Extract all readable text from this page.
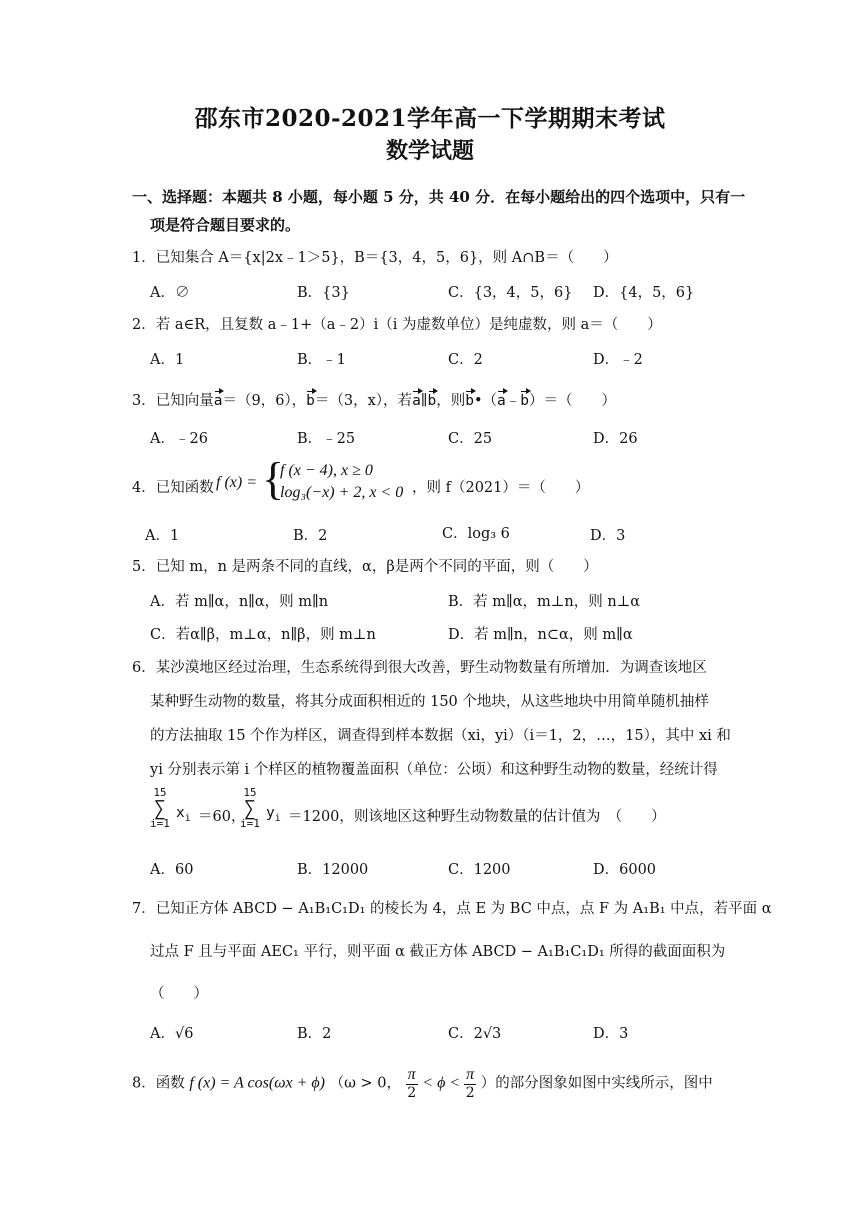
邵东市2020-2021学年高一下学期期末考试
数学试题
一、选择题：本题共 8 小题，每小题 5 分，共 40 分．在每小题给出的四个选项中，只有一
项是符合题目要求的。
1．已知集合 A＝{x|2x﹣1＞5}，B＝{3，4，5，6}，则 A∩B＝（　　）
A．∅	B．{3}	C．{3，4，5，6} D．{4，5，6}
2．若 a∈R，且复数 a﹣1+（a﹣2）i（i 为虚数单位）是纯虚数，则 a＝（　　）
A．1	B．﹣1	C．2	D．﹣2
3．已知向量a＝（9，6），b＝（3，x），若a∥b，则b•（a﹣b）＝（　　）
A．﹣26	B．﹣25	C．25	D．26
4．已知函数 f (x) = {
f (x − 4), x ≥ 0
log₃(−x) + 2, x < 0 ，则 f（2021）＝（　　）
A．1	B．2	C．log₃ 6	D．3
5．已知 m，n 是两条不同的直线，α，β是两个不同的平面，则（　　）
A．若 m∥α，n∥α，则 m∥n	B．若 m∥α，m⊥n，则 n⊥α
C．若α∥β，m⊥α，n∥β，则 m⊥n	D．若 m∥n，n⊂α，则 m∥α
6．某沙漠地区经过治理，生态系统得到很大改善，野生动物数量有所增加．为调查该地区
某种野生动物的数量，将其分成面积相近的 150 个地块，从这些地块中用简单随机抽样
的方法抽取 15 个作为样区，调查得到样本数据（xi，yi）（i＝1，2，…，15），其中 xi 和
yi 分别表示第 i 个样区的植物覆盖面积（单位：公顷）和这种野生动物的数量，经统计得
15
∑
i=1
$x_i =60$，
15
∑
i=1
$y_i =1200$，则该地区这种野生动物数量的估计值为　（　　）
A．60	B．12000	C．1200	D．6000
7．已知正方体 ABCD − A₁B₁C₁D₁ 的棱长为 4，点 E 为 BC 中点，点 F 为 A₁B₁ 中点，若平面 α
过点 F 且与平面 AEC₁ 平行，则平面 α 截正方体 ABCD − A₁B₁C₁D₁ 所得的截面面积为
（　　）
A．√6	B．2	C．2√3	D．3
8．函数 f (x) = A cos(ωx + ϕ) （ω > 0， $\frac{\pi}{2} < \phi < \frac{\pi}{2}$ ）的部分图象如图中实线所示，图中
